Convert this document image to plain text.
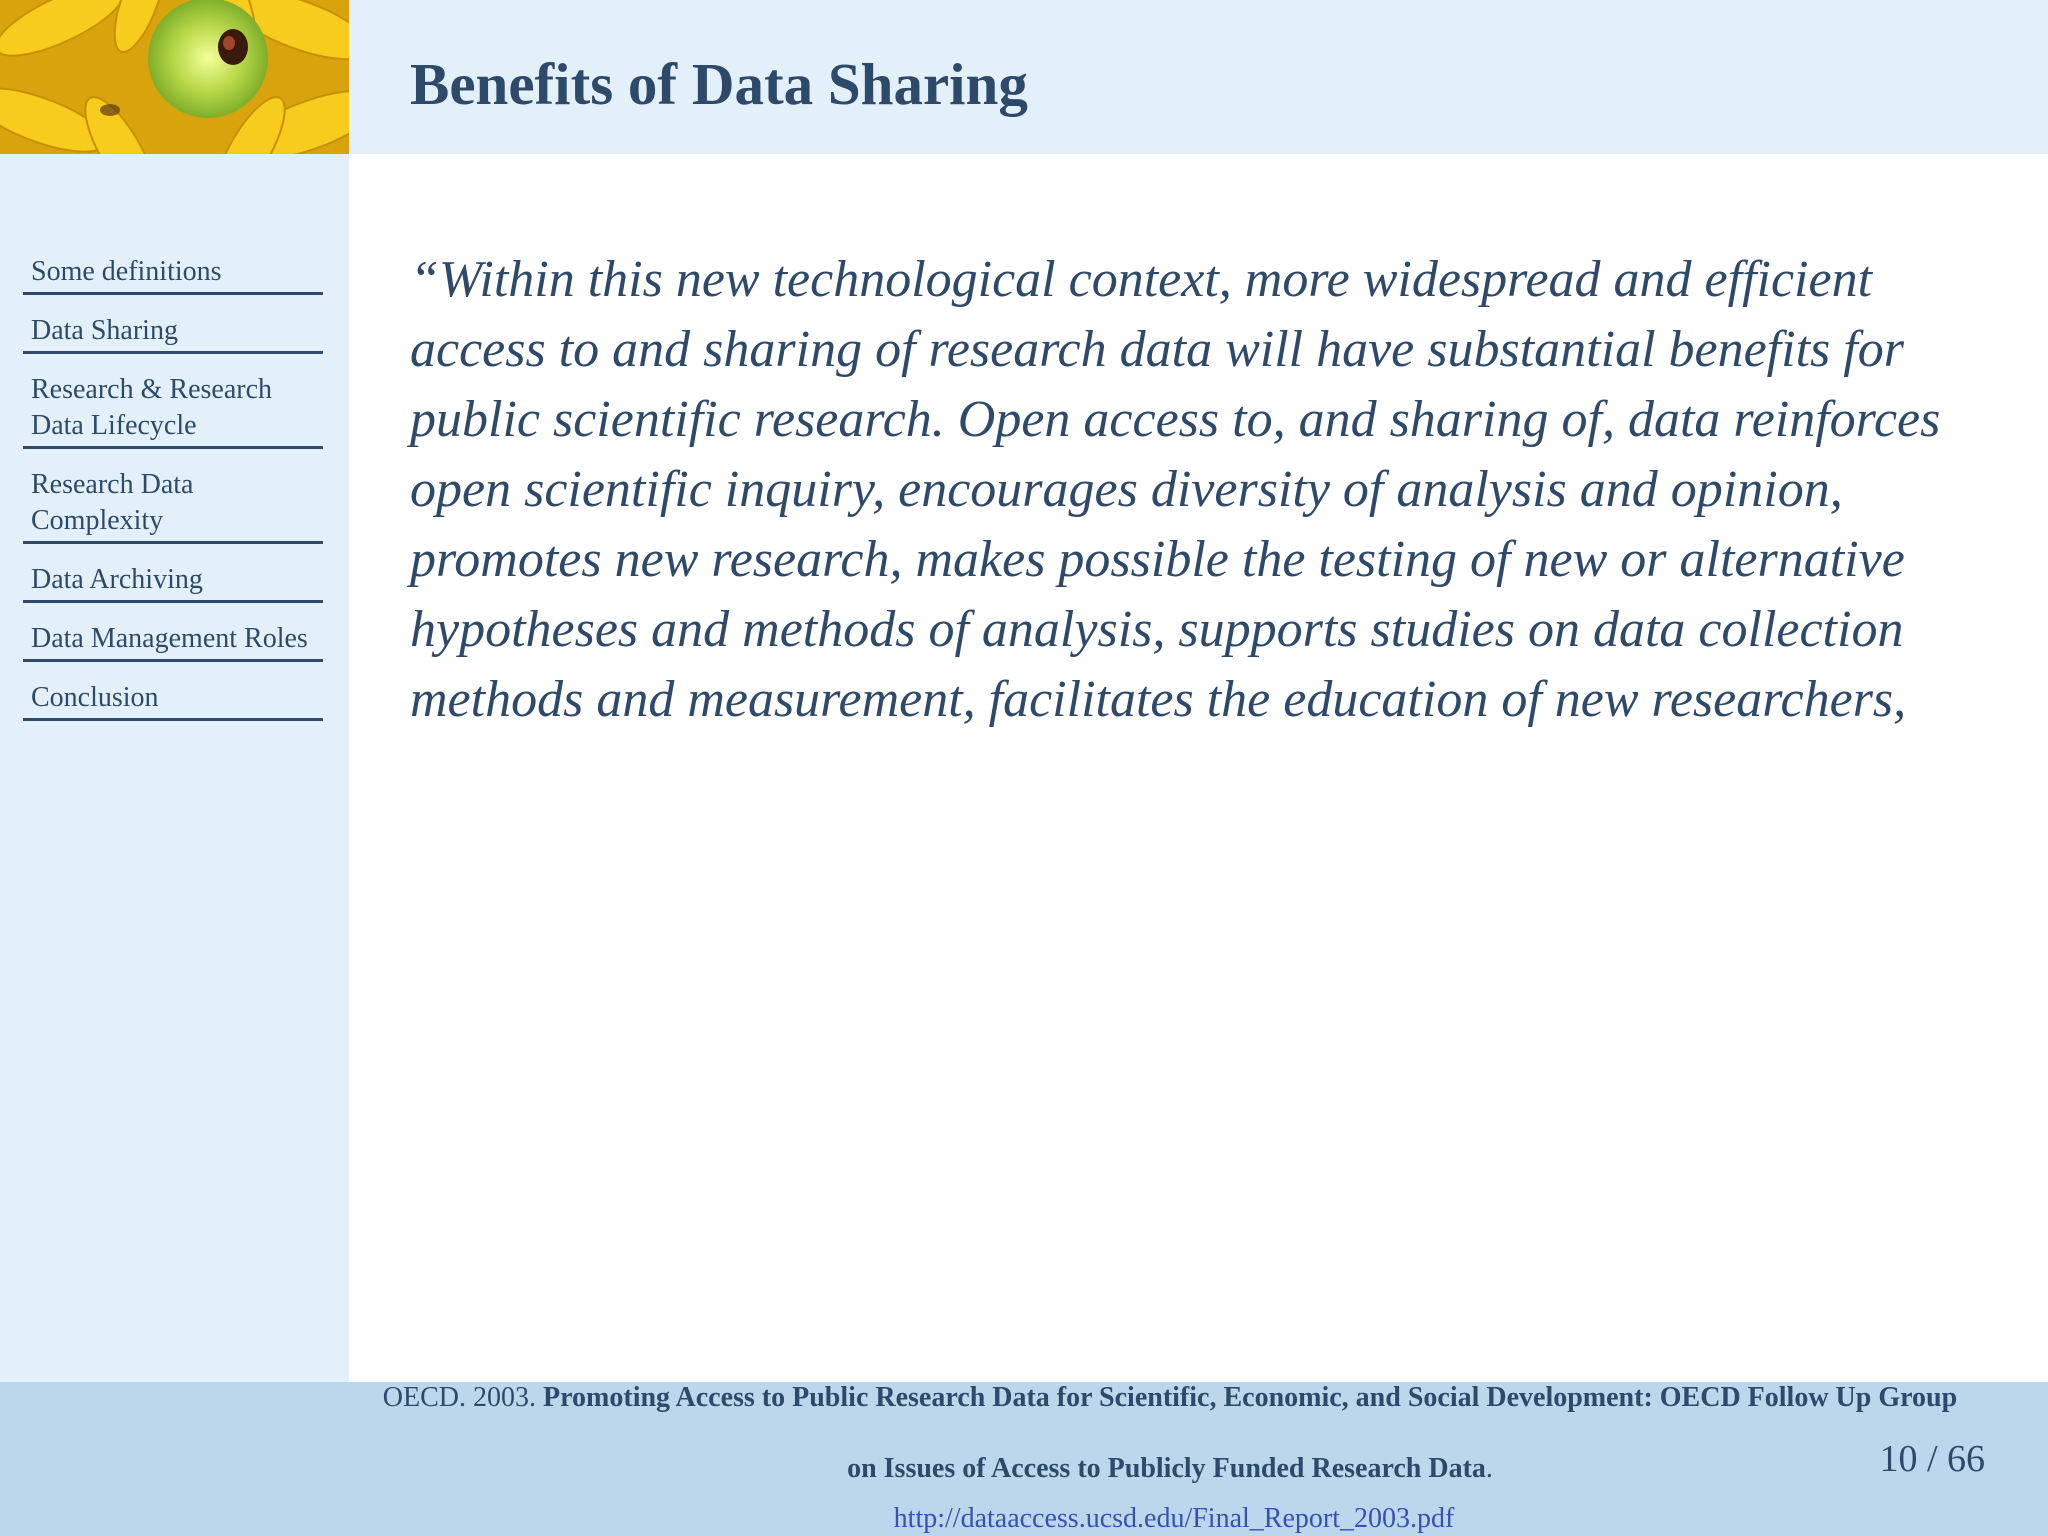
Benefits of Data Sharing
Some definitions
Data Sharing
Research & Research Data Lifecycle
Research Data Complexity
Data Archiving
Data Management Roles
Conclusion

“Within this new technological context, more widespread and efficient access to and sharing of research data will have substantial benefits for public scientific research. Open access to, and sharing of, data reinforces open scientific inquiry, encourages diversity of analysis and opinion, promotes new research, makes possible the testing of new or alternative hypotheses and methods of analysis, supports studies on data collection methods and measurement, facilitates the education of new researchers,

OECD. 2003. Promoting Access to Public Research Data for Scientific, Economic, and Social Development: OECD Follow Up Group on Issues of Access to Publicly Funded Research Data.
http://dataaccess.ucsd.edu/Final_Report_2003.pdf
10 / 66
